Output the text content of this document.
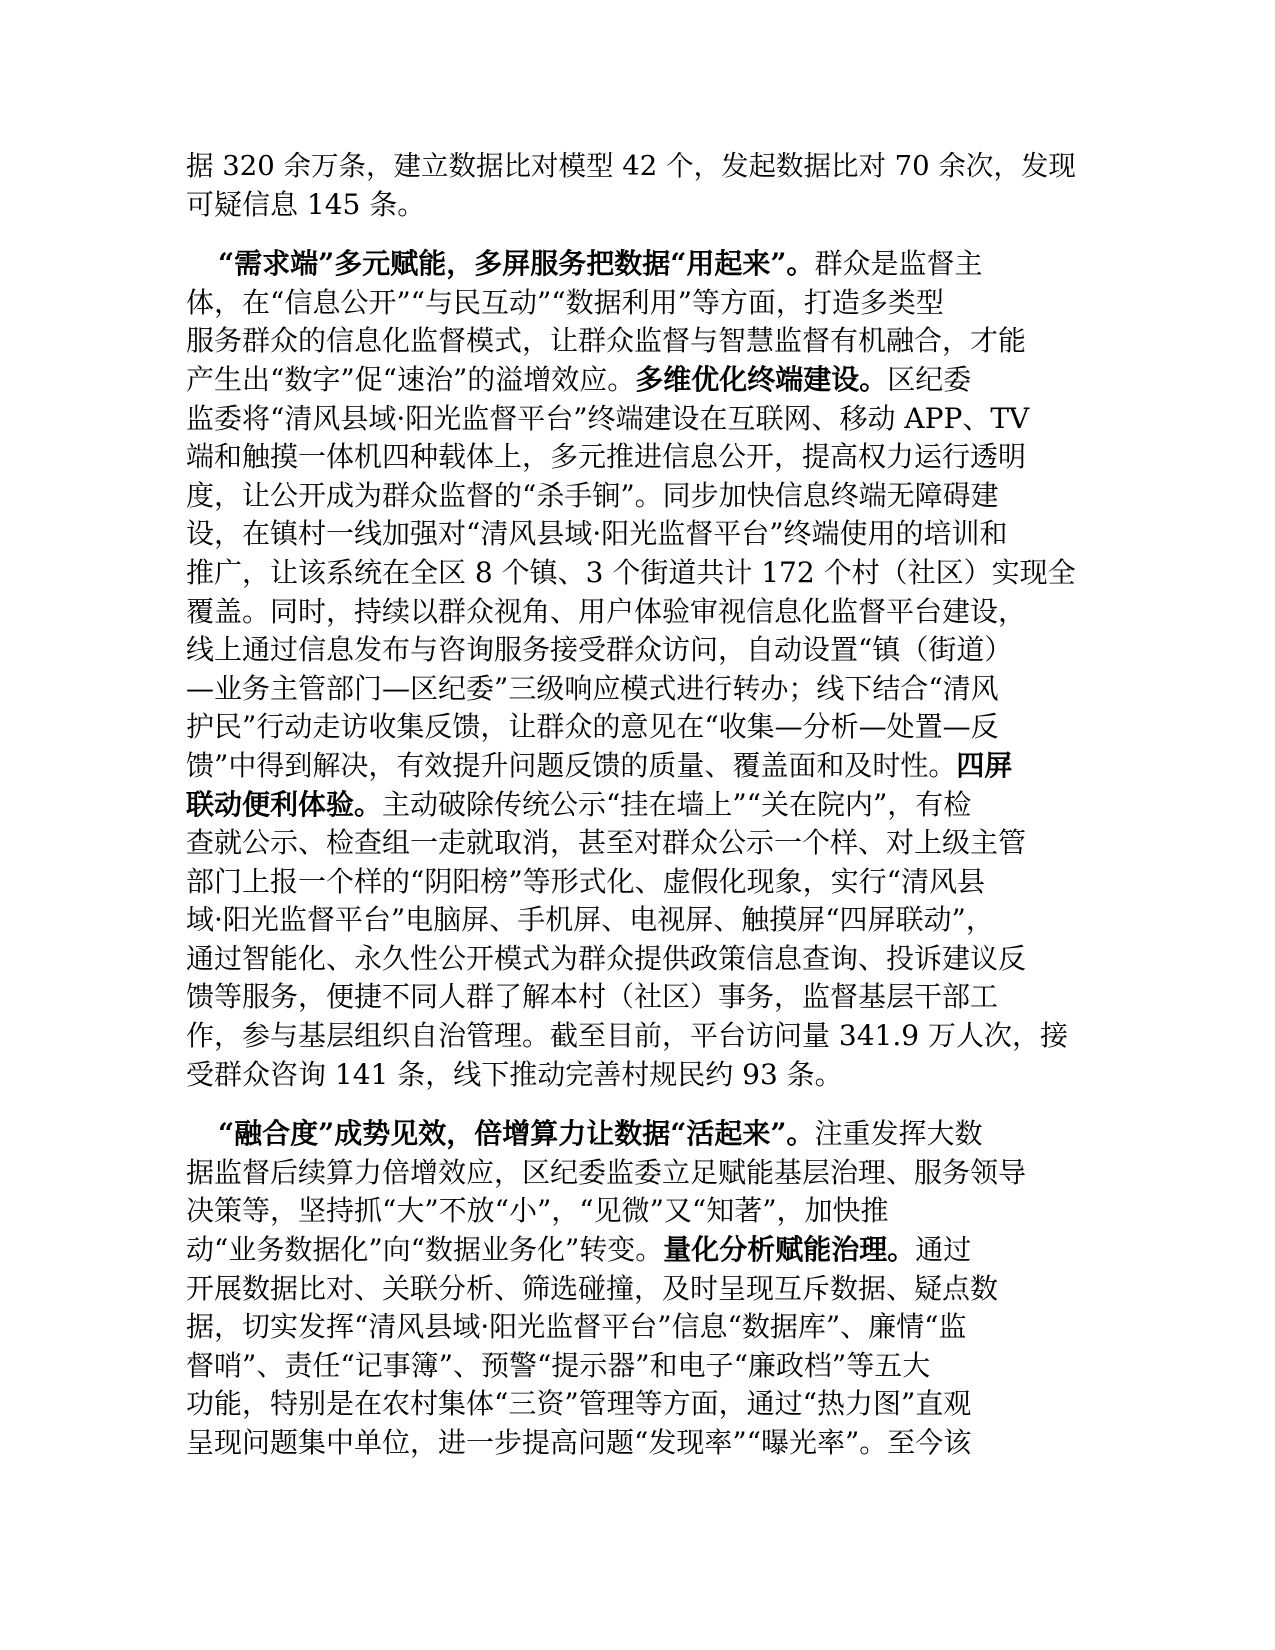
据 320 余万条，建立数据比对模型 42 个，发起数据比对 70 余次，发现
可疑信息 145 条。
“需求端”多元赋能，多屏服务把数据“用起来”。群众是监督主
体，在“信息公开”“与民互动”“数据利用”等方面，打造多类型
服务群众的信息化监督模式，让群众监督与智慧监督有机融合，才能
产生出“数字”促“速治”的溢增效应。多维优化终端建设。区纪委
监委将“清风县域·阳光监督平台”终端建设在互联网、移动 APP、TV
端和触摸一体机四种载体上，多元推进信息公开，提高权力运行透明
度，让公开成为群众监督的“杀手锏”。同步加快信息终端无障碍建
设，在镇村一线加强对“清风县域·阳光监督平台”终端使用的培训和
推广，让该系统在全区 8 个镇、3 个街道共计 172 个村（社区）实现全
覆盖。同时，持续以群众视角、用户体验审视信息化监督平台建设，
线上通过信息发布与咨询服务接受群众访问，自动设置“镇（街道）
—业务主管部门—区纪委”三级响应模式进行转办；线下结合“清风
护民”行动走访收集反馈，让群众的意见在“收集—分析—处置—反
馈”中得到解决，有效提升问题反馈的质量、覆盖面和及时性。四屏
联动便利体验。主动破除传统公示“挂在墙上”“关在院内”，有检
查就公示、检查组一走就取消，甚至对群众公示一个样、对上级主管
部门上报一个样的“阴阳榜”等形式化、虚假化现象，实行“清风县
域·阳光监督平台”电脑屏、手机屏、电视屏、触摸屏“四屏联动”，
通过智能化、永久性公开模式为群众提供政策信息查询、投诉建议反
馈等服务，便捷不同人群了解本村（社区）事务，监督基层干部工
作，参与基层组织自治管理。截至目前，平台访问量 341.9 万人次，接
受群众咨询 141 条，线下推动完善村规民约 93 条。
“融合度”成势见效，倍增算力让数据“活起来”。注重发挥大数
据监督后续算力倍增效应，区纪委监委立足赋能基层治理、服务领导
决策等，坚持抓“大”不放“小”，“见微”又“知著”，加快推
动“业务数据化”向“数据业务化”转变。量化分析赋能治理。通过
开展数据比对、关联分析、筛选碰撞，及时呈现互斥数据、疑点数
据，切实发挥“清风县域·阳光监督平台”信息“数据库”、廉情“监
督哨”、责任“记事簿”、预警“提示器”和电子“廉政档”等五大
功能，特别是在农村集体“三资”管理等方面，通过“热力图”直观
呈现问题集中单位，进一步提高问题“发现率”“曝光率”。至今该
